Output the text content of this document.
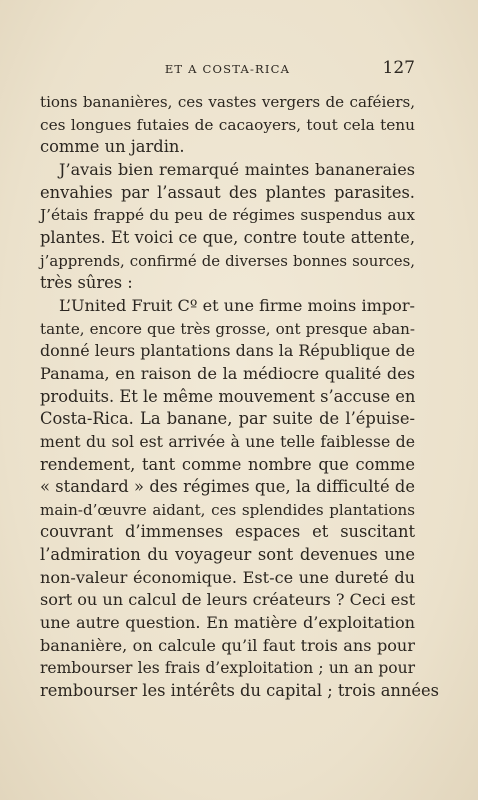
ET A COSTA-RICA	127
tions bananières, ces vastes vergers de caféiers,
ces longues futaies de cacaoyers, tout cela tenu
comme un jardin.
J’avais bien remarqué maintes bananeraies
envahies par l’assaut des plantes parasites.
J’étais frappé du peu de régimes suspendus aux
plantes. Et voici ce que, contre toute attente,
j’apprends, confirmé de diverses bonnes sources,
très sûres :
L’United Fruit Cº et une firme moins impor-
tante, encore que très grosse, ont presque aban-
donné leurs plantations dans la République de
Panama, en raison de la médiocre qualité des
produits. Et le même mouvement s’accuse en
Costa-Rica. La banane, par suite de l’épuise-
ment du sol est arrivée à une telle faiblesse de
rendement, tant comme nombre que comme
« standard » des régimes que, la difficulté de
main-d’œuvre aidant, ces splendides plantations
couvrant d’immenses espaces et suscitant
l’admiration du voyageur sont devenues une
non-valeur économique. Est-ce une dureté du
sort ou un calcul de leurs créateurs ? Ceci est
une autre question. En matière d’exploitation
bananière, on calcule qu’il faut trois ans pour
rembourser les frais d’exploitation ; un an pour
rembourser les intérêts du capital ; trois années
